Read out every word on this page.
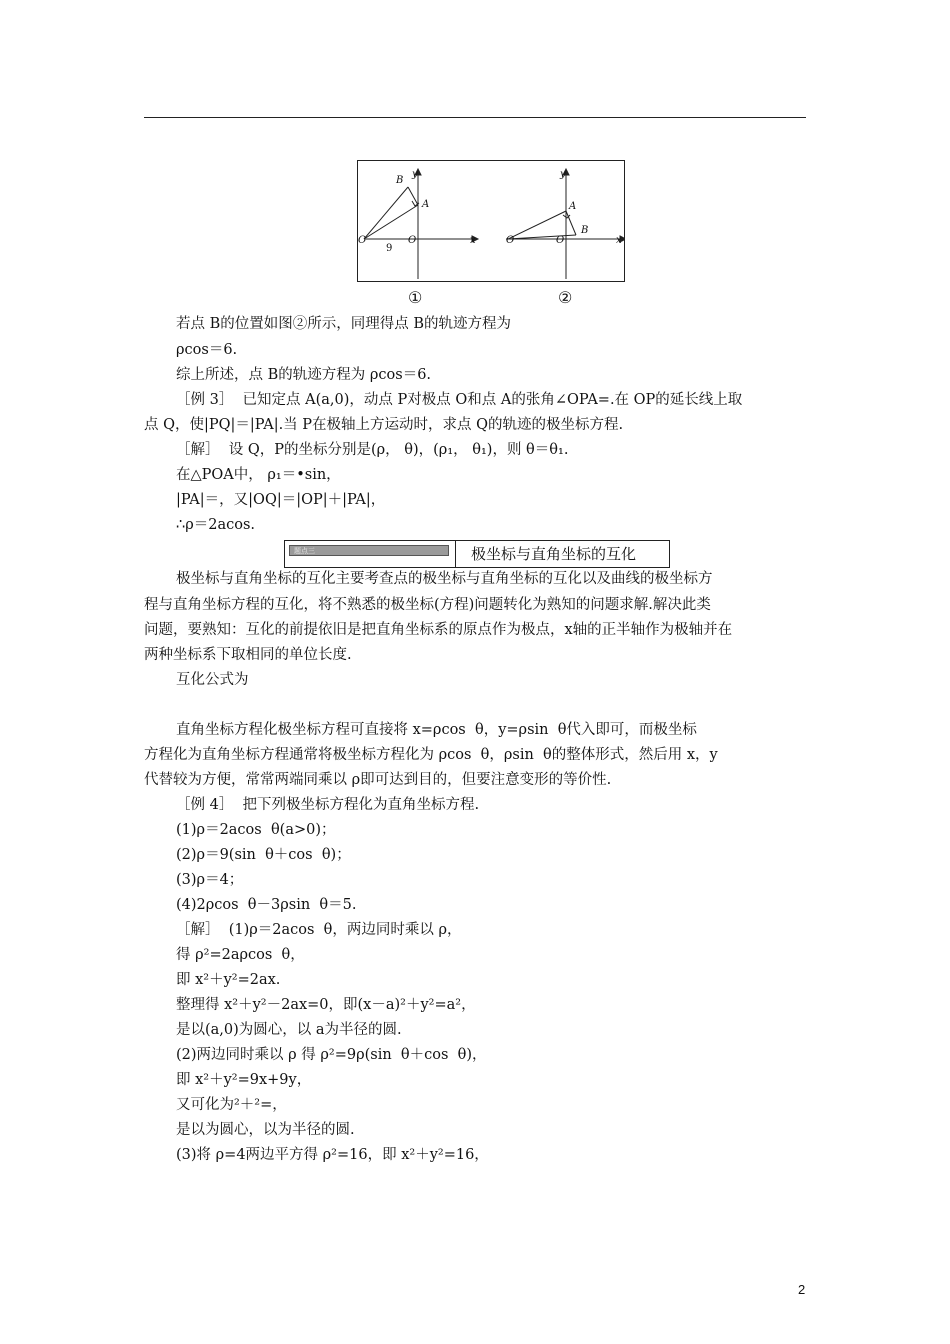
B
y
A
O
9
O	x
y
A
B
O	O	x
①	②
若点 B的位置如图②所示，同理得点 B的轨迹方程为
ρcos＝6.
综上所述，点 B的轨迹方程为 ρcos＝6.
［例 3］  已知定点 A(a,0)，动点 P对极点 O和点 A的张角∠OPA=.在 OP的延长线上取
点 Q，使|PQ|＝|PA|.当 P在极轴上方运动时，求点 Q的轨迹的极坐标方程.
［解］  设 Q，P的坐标分别是(ρ， θ)，(ρ₁， θ₁)，则 θ＝θ₁.
在△POA中， ρ₁＝•sin，
|PA|＝，又|OQ|＝|OP|＋|PA|，
∴ρ＝2acos.
题点三	极坐标与直角坐标的互化
极坐标与直角坐标的互化主要考查点的极坐标与直角坐标的互化以及曲线的极坐标方
程与直角坐标方程的互化，将不熟悉的极坐标(方程)问题转化为熟知的问题求解.解决此类
问题，要熟知：互化的前提依旧是把直角坐标系的原点作为极点，x轴的正半轴作为极轴并在
两种坐标系下取相同的单位长度.
互化公式为
直角坐标方程化极坐标方程可直接将 x=ρcos  θ，y=ρsin  θ代入即可，而极坐标
方程化为直角坐标方程通常将极坐标方程化为 ρcos  θ，ρsin  θ的整体形式，然后用 x，y
代替较为方便，常常两端同乘以 ρ即可达到目的，但要注意变形的等价性.
［例 4］  把下列极坐标方程化为直角坐标方程.
(1)ρ＝2acos  θ(a>0)；
(2)ρ＝9(sin  θ＋cos  θ)；
(3)ρ＝4；
(4)2ρcos  θ－3ρsin  θ＝5.
［解］  (1)ρ＝2acos  θ，两边同时乘以 ρ，
得 ρ²=2aρcos  θ，
即 x²＋y²=2ax.
整理得 x²＋y²－2ax=0，即(x－a)²＋y²=a²，
是以(a,0)为圆心，以 a为半径的圆.
(2)两边同时乘以 ρ 得 ρ²=9ρ(sin  θ＋cos  θ)，
即 x²＋y²=9x+9y，
又可化为²＋²=，
是以为圆心，以为半径的圆.
(3)将 ρ=4两边平方得 ρ²=16，即 x²＋y²=16，
2
